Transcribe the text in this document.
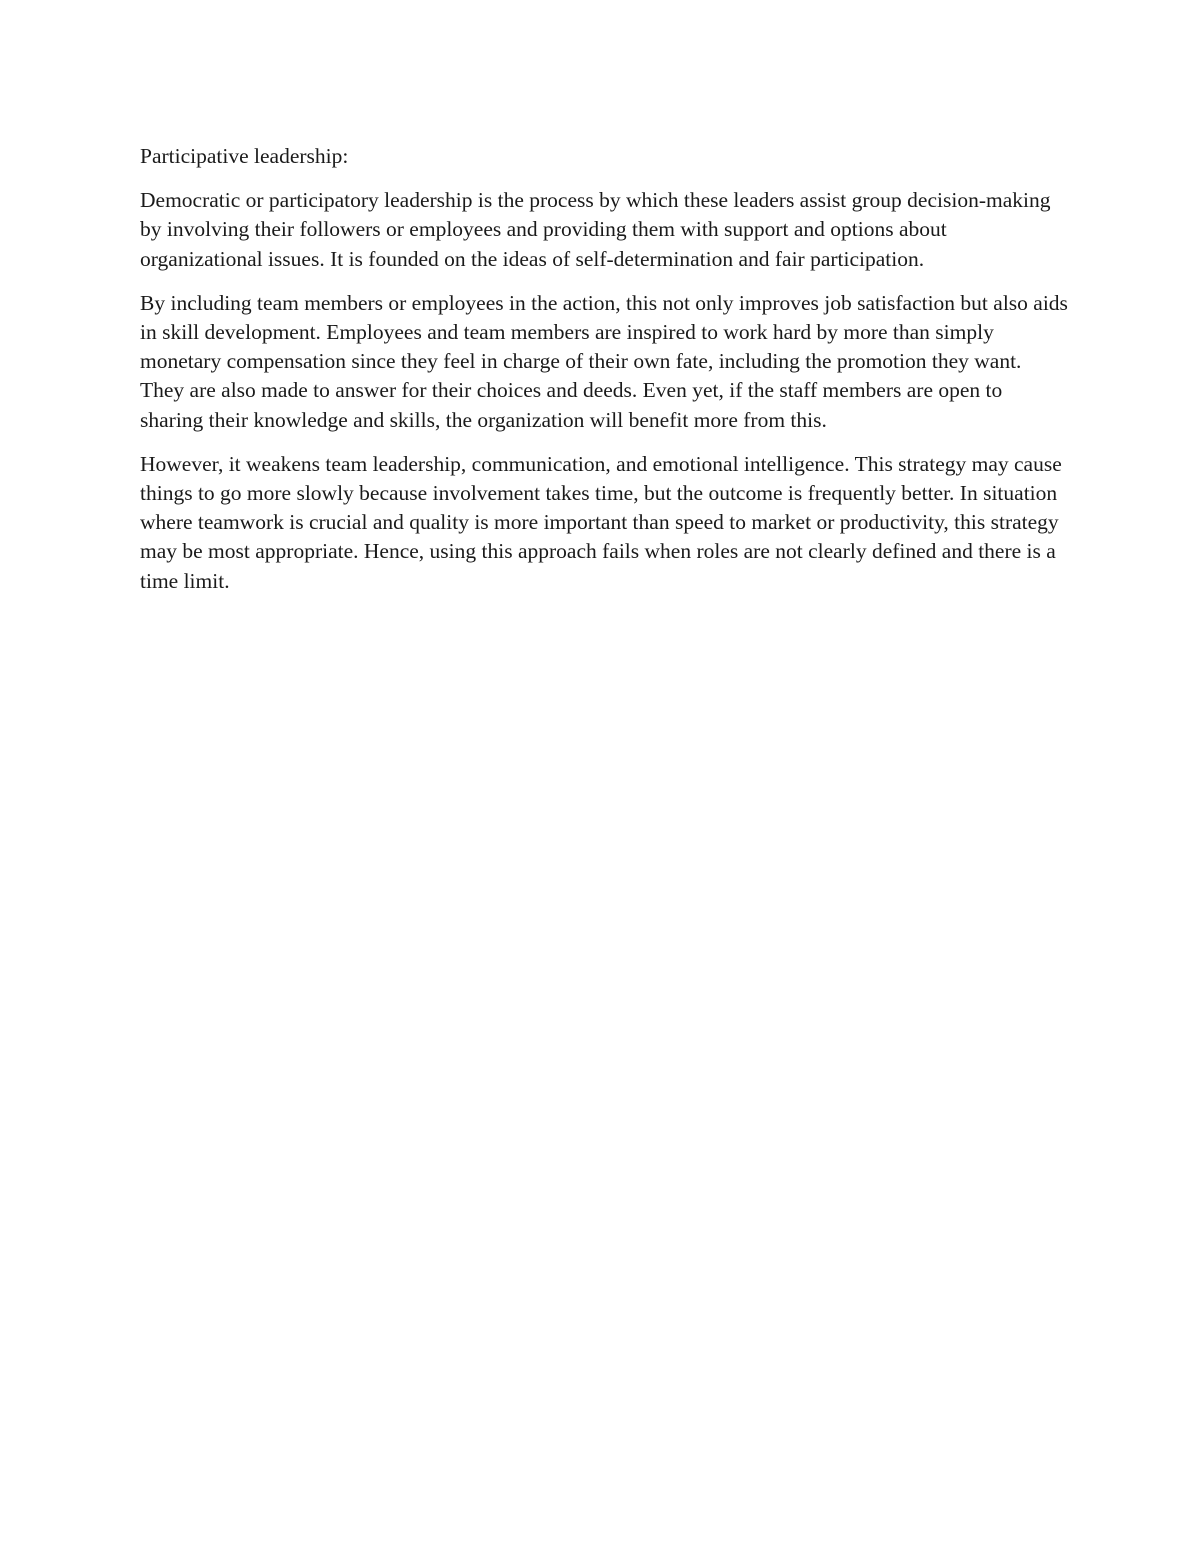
Participative leadership:

Democratic or participatory leadership is the process by which these leaders assist group decision-making by involving their followers or employees and providing them with support and options about organizational issues. It is founded on the ideas of self-determination and fair participation.

By including team members or employees in the action, this not only improves job satisfaction but also aids in skill development. Employees and team members are inspired to work hard by more than simply monetary compensation since they feel in charge of their own fate, including the promotion they want. They are also made to answer for their choices and deeds. Even yet, if the staff members are open to sharing their knowledge and skills, the organization will benefit more from this.

However, it weakens team leadership, communication, and emotional intelligence. This strategy may cause things to go more slowly because involvement takes time, but the outcome is frequently better. In situation where teamwork is crucial and quality is more important than speed to market or productivity, this strategy may be most appropriate. Hence, using this approach fails when roles are not clearly defined and there is a time limit.
